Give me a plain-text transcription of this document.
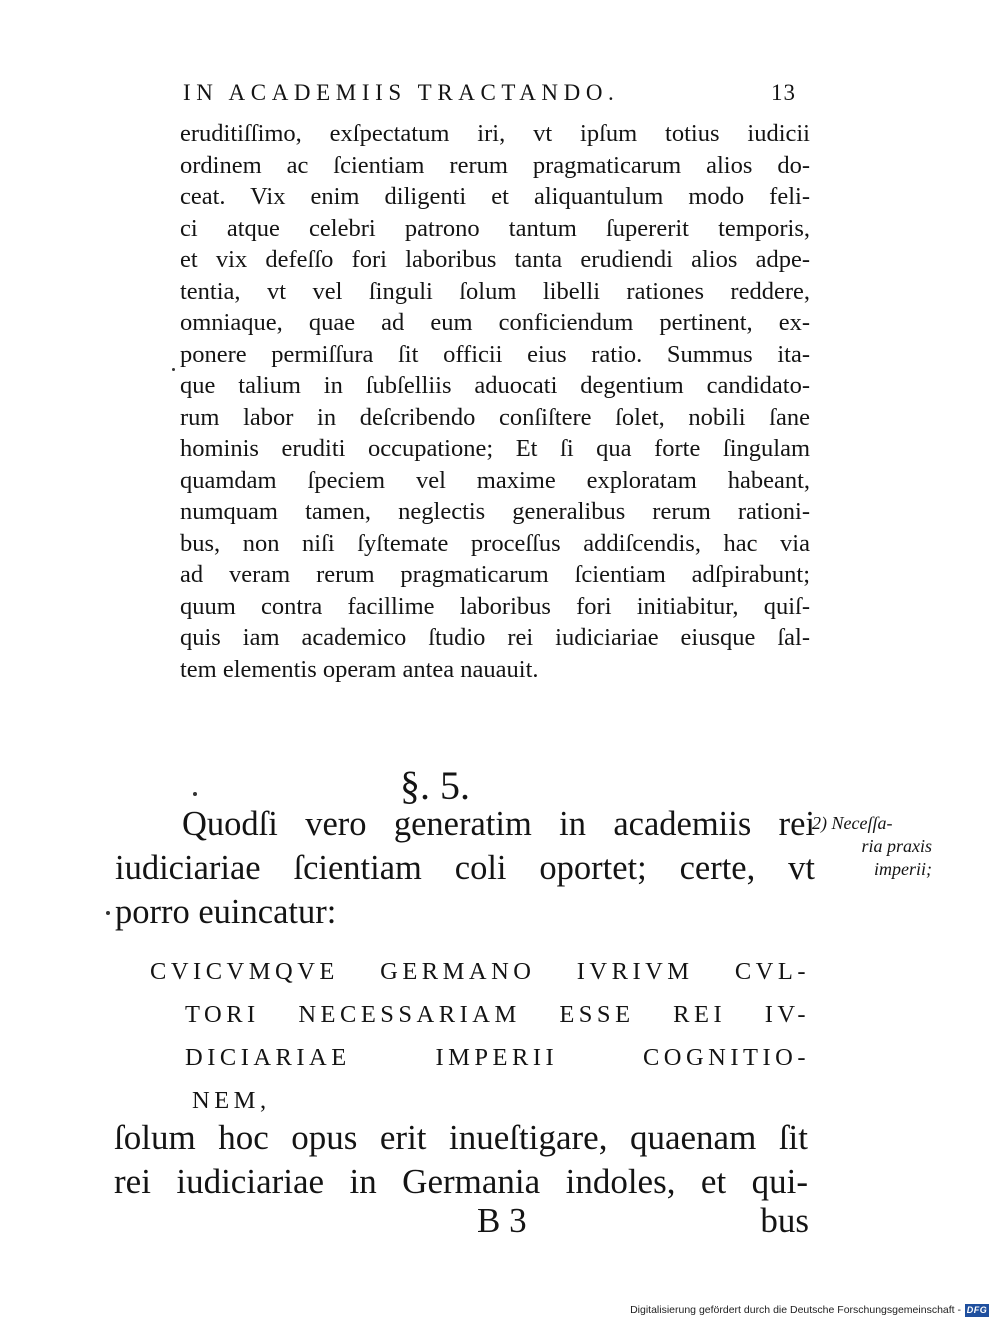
IN ACADEMIIS TRACTANDO.	13
eruditiſſimo, exſpectatum iri, vt ipſum totius iudicii
ordinem ac ſcientiam rerum pragmaticarum alios do-
ceat. Vix enim diligenti et aliquantulum modo feli-
ci atque celebri patrono tantum ſupererit temporis,
et vix defeſſo fori laboribus tanta erudiendi alios adpe-
tentia, vt vel ſinguli ſolum libelli rationes reddere,
omniaque, quae ad eum conficiendum pertinent, ex-
ponere permiſſura ſit officii eius ratio. Summus ita-
que talium in ſubſelliis aduocati degentium candidato-
rum labor in deſcribendo conſiſtere ſolet, nobili ſane
hominis eruditi occupatione; Et ſi qua forte ſingulam
quamdam ſpeciem vel maxime exploratam habeant,
numquam tamen, neglectis generalibus rerum rationi-
bus, non niſi ſyſtemate proceſſus addiſcendis, hac via
ad veram rerum pragmaticarum ſcientiam adſpirabunt;
quum contra facillime laboribus fori initiabitur, quiſ-
quis iam academico ſtudio rei iudiciariae eiusque ſal-
tem elementis operam antea nauauit.
§. 5.
Quodſi vero generatim in academiis rei
iudiciariae ſcientiam coli oportet; certe, vt
porro euincatur:
2) Neceſſa-
ria praxis
imperii;
CVICVMQVE GERMANO IVRIVM CVL-
TORI NECESSARIAM ESSE REI IV-
DICIARIAE IMPERII COGNITIO-
NEM,
ſolum hoc opus erit inueſtigare, quaenam ſit
rei iudiciariae in Germania indoles, et qui-
B 3	bus
Digitalisierung gefördert durch die Deutsche Forschungsgemeinschaft - DFG
